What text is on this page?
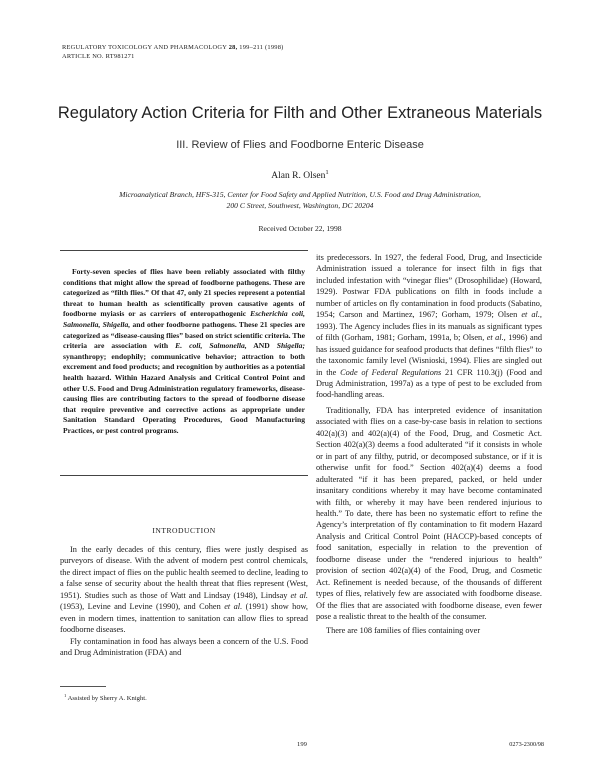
REGULATORY TOXICOLOGY AND PHARMACOLOGY 28, 199–211 (1998)
ARTICLE NO. RT981271
Regulatory Action Criteria for Filth and Other Extraneous Materials
III. Review of Flies and Foodborne Enteric Disease
Alan R. Olsen$^1$
Microanalytical Branch, HFS-315, Center for Food Safety and Applied Nutrition, U.S. Food and Drug Administration,
200 C Street, Southwest, Washington, DC 20204
Received October 22, 1998
Forty-seven species of flies have been reliably associated with filthy conditions that might allow the spread of foodborne pathogens. These are categorized as “filth flies.” Of that 47, only 21 species represent a potential threat to human health as scientifically proven causative agents of foodborne myiasis or as carriers of enteropathogenic Escherichia coli, Salmonella, Shigella, and other foodborne pathogens. These 21 species are categorized as “disease-causing flies” based on strict scientific criteria. The criteria are association with E. coli, Salmonella, AND Shigella; synanthropy; endophily; communicative behavior; attraction to both excrement and food products; and recognition by authorities as a potential health hazard. Within Hazard Analysis and Critical Control Point and other U.S. Food and Drug Administration regulatory frameworks, disease-causing flies are contributing factors to the spread of foodborne disease that require preventive and corrective actions as appropriate under Sanitation Standard Operating Procedures, Good Manufacturing Practices, or pest control programs.
INTRODUCTION

In the early decades of this century, flies were justly despised as purveyors of disease. With the advent of modern pest control chemicals, the direct impact of flies on the public health seemed to decline, leading to a false sense of security about the health threat that flies represent (West, 1951). Studies such as those of Watt and Lindsay (1948), Lindsay et al. (1953), Levine and Levine (1990), and Cohen et al. (1991) show how, even in modern times, inattention to sanitation can allow flies to spread foodborne diseases.

Fly contamination in food has always been a concern of the U.S. Food and Drug Administration (FDA) and

its predecessors. In 1927, the federal Food, Drug, and Insecticide Administration issued a tolerance for insect filth in figs that included infestation with “vinegar flies” (Drosophilidae) (Howard, 1929). Postwar FDA publications on filth in foods include a number of articles on fly contamination in food products (Sabatino, 1954; Carson and Martinez, 1967; Gorham, 1979; Olsen et al., 1993). The Agency includes flies in its manuals as significant types of filth (Gorham, 1981; Gorham, 1991a, b; Olsen, et al., 1996) and has issued guidance for seafood products that defines “filth flies” to the taxonomic family level (Wisnioski, 1994). Flies are singled out in the Code of Federal Regulations 21 CFR 110.3(j) (Food and Drug Administration, 1997a) as a type of pest to be excluded from food-handling areas.

Traditionally, FDA has interpreted evidence of insanitation associated with flies on a case-by-case basis in relation to sections 402(a)(3) and 402(a)(4) of the Food, Drug, and Cosmetic Act. Section 402(a)(3) deems a food adulterated “if it consists in whole or in part of any filthy, putrid, or decomposed substance, or if it is otherwise unfit for food.” Section 402(a)(4) deems a food adulterated “if it has been prepared, packed, or held under insanitary conditions whereby it may have become contaminated with filth, or whereby it may have been rendered injurious to health.” To date, there has been no systematic effort to refine the Agency’s interpretation of fly contamination to fit modern Hazard Analysis and Critical Control Point (HACCP)-based concepts of food sanitation, especially in relation to the prevention of foodborne disease under the “rendered injurious to health” provision of section 402(a)(4) of the Food, Drug, and Cosmetic Act. Refinement is needed because, of the thousands of different types of flies, relatively few are associated with foodborne disease. Of the flies that are associated with foodborne disease, even fewer pose a realistic threat to the health of the consumer.

There are 108 families of flies containing over

$^1$ Assisted by Sherry A. Knight.
199	0273-2300/98
